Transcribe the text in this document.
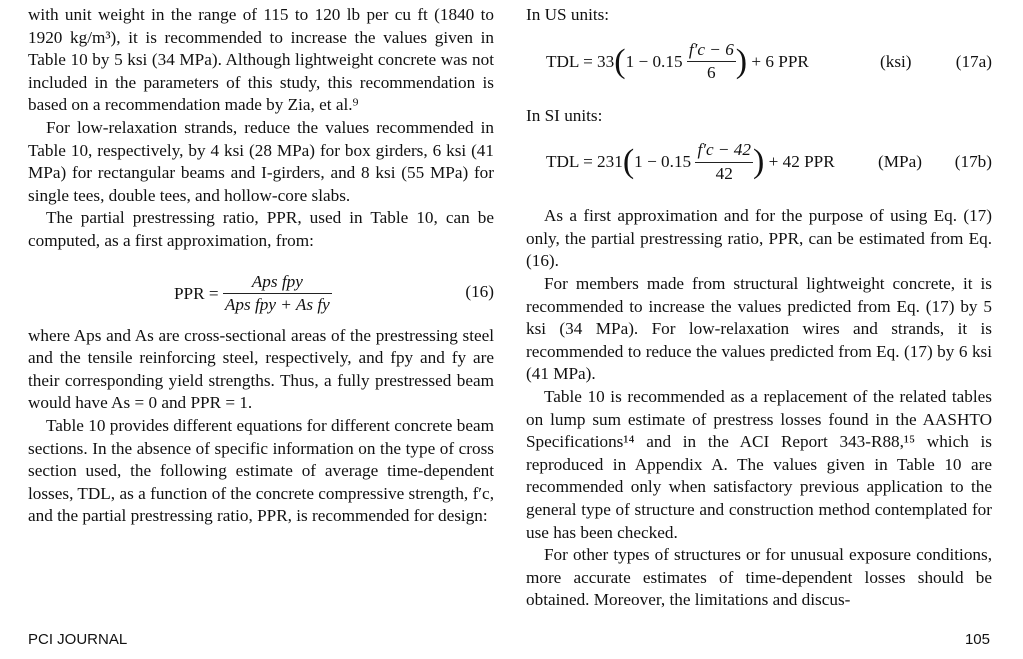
with unit weight in the range of 115 to 120 lb per cu ft (1840 to 1920 kg/m³), it is recommended to increase the values given in Table 10 by 5 ksi (34 MPa). Although lightweight concrete was not included in the parameters of this study, this recommendation is based on a recommendation made by Zia, et al.⁹

For low-relaxation strands, reduce the values recommended in Table 10, respectively, by 4 ksi (28 MPa) for box girders, 6 ksi (41 MPa) for rectangular beams and I-girders, and 8 ksi (55 MPa) for single tees, double tees, and hollow-core slabs.

The partial prestressing ratio, PPR, used in Table 10, can be computed, as a first approximation, from:

PPR = $\frac{\text{Aps fpy}}{\text{Aps fpy + As fy}}$	(16)

where Aps and As are cross-sectional areas of the prestressing steel and the tensile reinforcing steel, respectively, and fpy and fy are their corresponding yield strengths. Thus, a fully prestressed beam would have As = 0 and PPR = 1.

Table 10 provides different equations for different concrete beam sections. In the absence of specific information on the type of cross section used, the following estimate of average time-dependent losses, TDL, as a function of the concrete compressive strength, f′c, and the partial prestressing ratio, PPR, is recommended for design:

In US units:

TDL = $33(1 - 0.15 \frac{f'c - 6}{6}$ ) + 6 PPR	(ksi)	(17a)

In SI units:

TDL = $231(1 - 0.15 \frac{f'c - 42}{42}$ ) + 42 PPR	(MPa) (17b)

As a first approximation and for the purpose of using Eq. (17) only, the partial prestressing ratio, PPR, can be estimated from Eq. (16).

For members made from structural lightweight concrete, it is recommended to increase the values predicted from Eq. (17) by 5 ksi (34 MPa). For low-relaxation wires and strands, it is recommended to reduce the values predicted from Eq. (17) by 6 ksi (41 MPa).

Table 10 is recommended as a replacement of the related tables on lump sum estimate of prestress losses found in the AASHTO Specifications¹⁴ and in the ACI Report 343-R88,¹⁵ which is reproduced in Appendix A. The values given in Table 10 are recommended only when satisfactory previous application to the general type of structure and construction method contemplated for use has been checked.

For other types of structures or for unusual exposure conditions, more accurate estimates of time-dependent losses should be obtained. Moreover, the limitations and discus-

PCI JOURNAL	105
